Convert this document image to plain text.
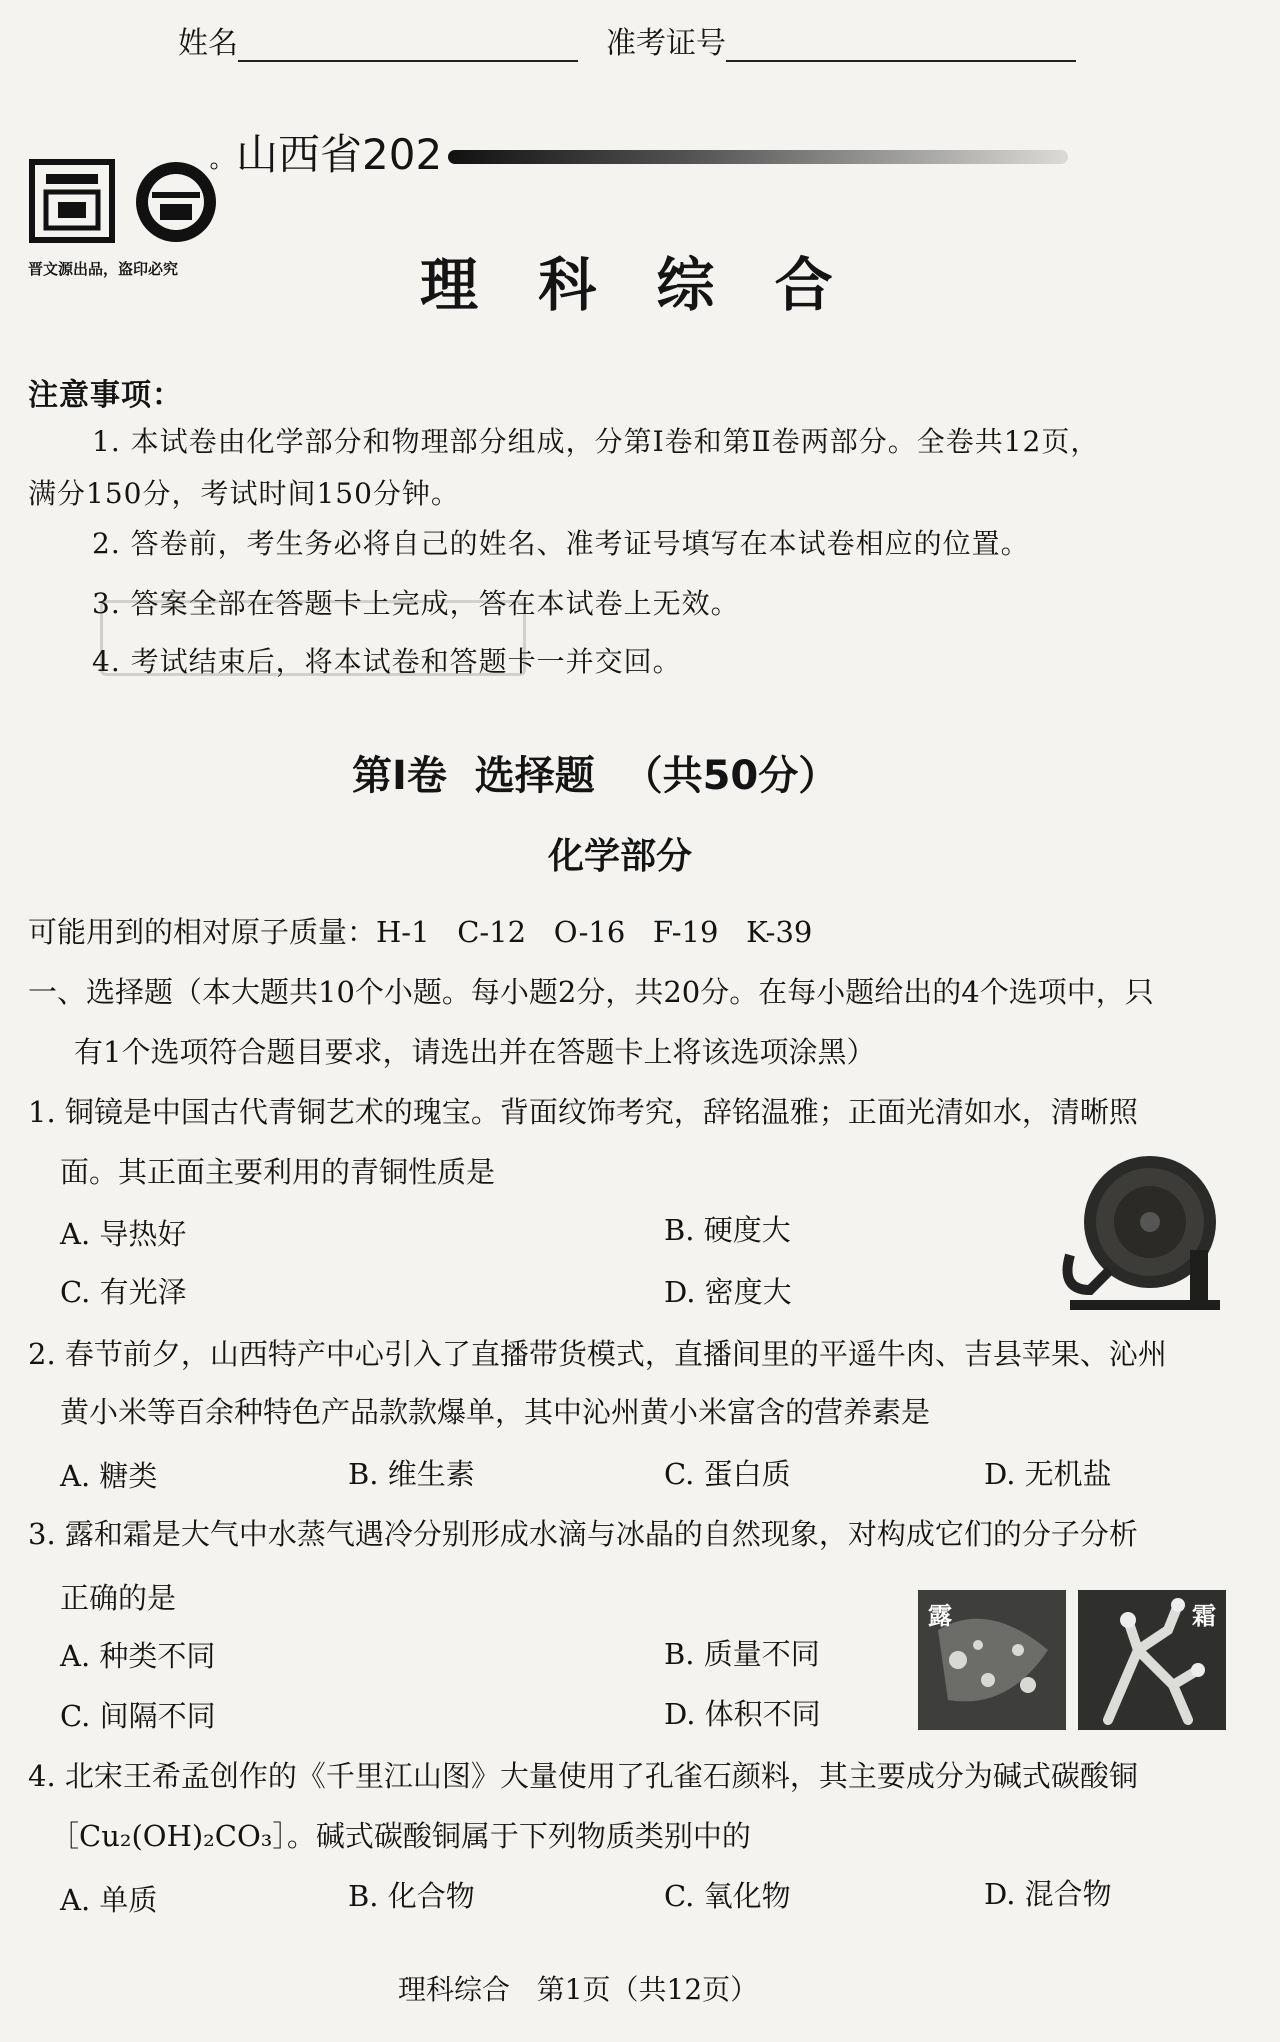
姓名	准考证号
晋文源出品，盗印必究
山西省202
理 科 综 合
注意事项：
1. 本试卷由化学部分和物理部分组成，分第Ⅰ卷和第Ⅱ卷两部分。全卷共12页，
满分150分，考试时间150分钟。
2. 答卷前，考生务必将自己的姓名、准考证号填写在本试卷相应的位置。
3. 答案全部在答题卡上完成，答在本试卷上无效。
4. 考试结束后，将本试卷和答题卡一并交回。
第Ⅰ卷  选择题  （共50分）
化学部分
可能用到的相对原子质量：H-1   C-12   O-16   F-19   K-39
一、选择题（本大题共10个小题。每小题2分，共20分。在每小题给出的4个选项中，只
有1个选项符合题目要求，请选出并在答题卡上将该选项涂黑）
1. 铜镜是中国古代青铜艺术的瑰宝。背面纹饰考究，辞铭温雅；正面光清如水，清晰照
面。其正面主要利用的青铜性质是
A. 导热好	B. 硬度大
C. 有光泽	D. 密度大
2. 春节前夕，山西特产中心引入了直播带货模式，直播间里的平遥牛肉、吉县苹果、沁州
黄小米等百余种特色产品款款爆单，其中沁州黄小米富含的营养素是
A. 糖类	B. 维生素	C. 蛋白质	D. 无机盐
3. 露和霜是大气中水蒸气遇冷分别形成水滴与冰晶的自然现象，对构成它们的分子分析
正确的是
A. 种类不同	B. 质量不同
C. 间隔不同	D. 体积不同
露	霜
4. 北宋王希孟创作的《千里江山图》大量使用了孔雀石颜料，其主要成分为碱式碳酸铜
［Cu₂(OH)₂CO₃］。碱式碳酸铜属于下列物质类别中的
A. 单质	B. 化合物	C. 氧化物	D. 混合物
理科综合   第1页（共12页）
